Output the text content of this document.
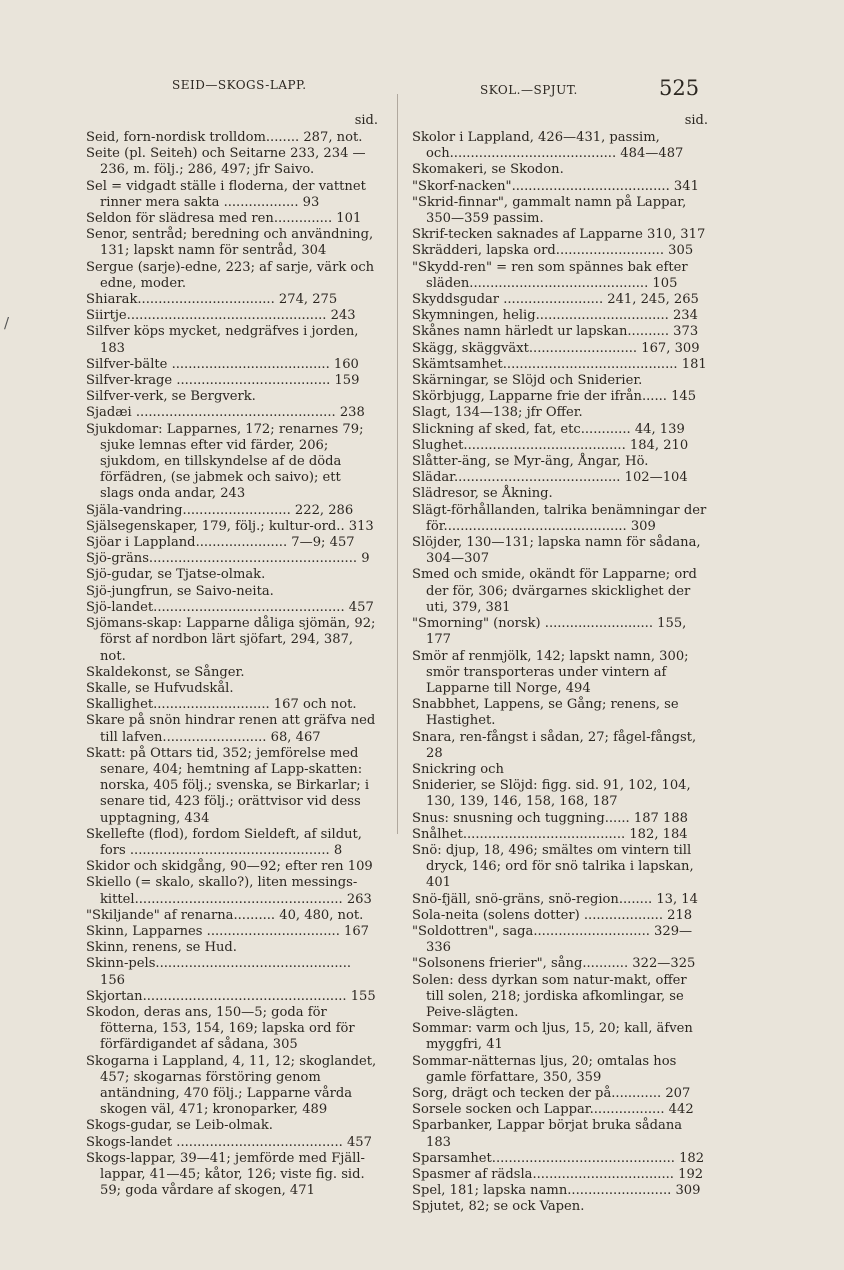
SEID—SKOGS-LAPP.	SKOL.—SPJUT.	525
/
sid.

Seid, forn-nordisk trolldom........ 287, not.

Seite (pl. Seiteh) och Seitarne 233, 234 —236, m. följ.; 286, 497; jfr Saivo.

Sel = vidgadt ställe i floderna, der vattnet rinner mera sakta .................. 93

Seldon för slädresa med ren.............. 101

Senor, sentråd; beredning och användning, 131; lapskt namn för sentråd, 304

Sergue (sarje)-edne, 223; af sarje, värk och edne, moder.

Shiarak................................. 274, 275

Siirtje................................................ 243

Silfver köps mycket, nedgräfves i jorden, 183

Silfver-bälte ...................................... 160

Silfver-krage ..................................... 159

Silfver-verk, se Bergverk.

Sjadæi ................................................ 238

Sjukdomar: Lapparnes, 172; renarnes 79; sjuke lemnas efter vid färder, 206; sjukdom, en tillskyndelse af de döda förfädren, (se jabmek och saivo); ett slags onda andar, 243

Själa-vandring.......................... 222, 286

Själsegenskaper, 179, följ.; kultur-ord.. 313

Sjöar i Lappland...................... 7—9; 457

Sjö-gräns.................................................. 9

Sjö-gudar, se Tjatse-olmak.

Sjö-jungfrun, se Saivo-neita.

Sjö-landet.............................................. 457

Sjömans-skap: Lapparne dåliga sjömän, 92; först af nordbon lärt sjöfart, 294, 387, not.

Skaldekonst, se Sånger.

Skalle, se Hufvudskål.

Skallighet............................ 167 och not.

Skare på snön hindrar renen att gräfva ned till lafven......................... 68, 467

Skatt: på Ottars tid, 352; jemförelse med senare, 404; hemtning af Lapp-skatten: norska, 405 följ.; svenska, se Birkarlar; i senare tid, 423 följ.; orättvisor vid dess upptagning, 434

Skellefte (flod), fordom Sieldeft, af sildut, fors ................................................ 8

Skidor och skidgång, 90—92; efter ren 109

Skiello (= skalo, skallo?), liten messings-kittel.................................................. 263

"Skiljande" af renarna.......... 40, 480, not.

Skinn, Lapparnes ................................ 167

Skinn, renens, se Hud.

Skinn-pels............................................... 156

Skjortan................................................. 155

Skodon, deras ans, 150—5; goda för fötterna, 153, 154, 169; lapska ord för förfärdigandet af sådana, 305

Skogarna i Lappland, 4, 11, 12; skoglandet, 457; skogarnas förstöring genom antändning, 470 följ.; Lapparne vårda skogen väl, 471; kronoparker, 489

Skogs-gudar, se Leib-olmak.

Skogs-landet ........................................ 457

Skogs-lappar, 39—41; jemförde med Fjäll-lappar, 41—45; kåtor, 126; viste fig. sid. 59; goda vårdare af skogen, 471

sid.

Skolor i Lappland, 426—431, passim, och........................................ 484—487

Skomakeri, se Skodon.

"Skorf-nacken"...................................... 341

"Skrid-finnar", gammalt namn på Lappar, 350—359 passim.

Skrif-tecken saknades af Lapparne 310, 317

Skrädderi, lapska ord.......................... 305

"Skydd-ren" = ren som spännes bak efter släden........................................... 105

Skyddsgudar ........................ 241, 245, 265

Skymningen, helig................................ 234

Skånes namn härledt ur lapskan.......... 373

Skägg, skäggväxt.......................... 167, 309

Skämtsamhet.......................................... 181

Skärningar, se Slöjd och Sniderier.

Skörbjugg, Lapparne frie der ifrån...... 145

Slagt, 134—138; jfr Offer.

Slickning af sked, fat, etc............ 44, 139

Slughet....................................... 184, 210

Slåtter-äng, se Myr-äng, Ångar, Hö.

Slädar........................................ 102—104

Slädresor, se Åkning.

Slägt-förhållanden, talrika benämningar der för............................................ 309

Slöjder, 130—131; lapska namn för sådana, 304—307

Smed och smide, okändt för Lapparne; ord der för, 306; dvärgarnes skicklighet der uti, 379, 381

"Smorning" (norsk) .......................... 155, 177

Smör af renmjölk, 142; lapskt namn, 300; smör transporteras under vintern af Lapparne till Norge, 494

Snabbhet, Lappens, se Gång; renens, se Hastighet.

Snara, ren-fångst i sådan, 27; fågel-fångst, 28

Snickring och

Sniderier, se Slöjd: figg. sid. 91, 102, 104, 130, 139, 146, 158, 168, 187

Snus: snusning och tuggning...... 187 188

Snålhet....................................... 182, 184

Snö: djup, 18, 496; smältes om vintern till dryck, 146; ord för snö talrika i lapskan, 401

Snö-fjäll, snö-gräns, snö-region........ 13, 14

Sola-neita (solens dotter) ................... 218

"Soldottren", saga............................ 329—336

"Solsonens frierier", sång........... 322—325

Solen: dess dyrkan som natur-makt, offer till solen, 218; jordiska afkomlingar, se Peive-slägten.

Sommar: varm och ljus, 15, 20; kall, äfven myggfri, 41

Sommar-nätternas ljus, 20; omtalas hos gamle författare, 350, 359

Sorg, drägt och tecken der på............ 207

Sorsele socken och Lappar.................. 442

Sparbanker, Lappar börjat bruka sådana 183

Sparsamhet............................................ 182

Spasmer af rädsla.................................. 192

Spel, 181; lapska namn......................... 309

Spjutet, 82; se ock Vapen.
